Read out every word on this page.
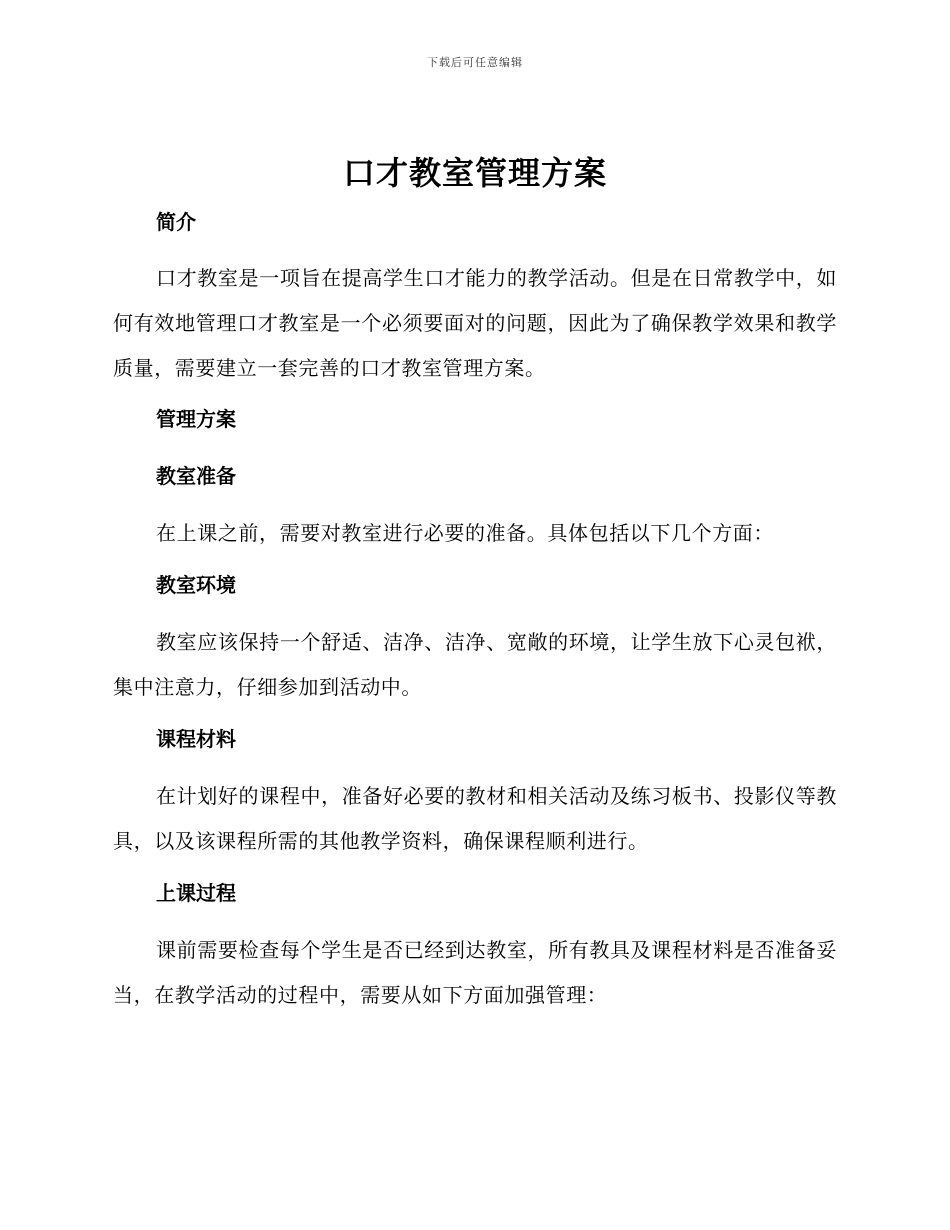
下载后可任意编辑
口才教室管理方案
简介

口才教室是一项旨在提高学生口才能力的教学活动。但是在日常教学中，如何有效地管理口才教室是一个必须要面对的问题，因此为了确保教学效果和教学质量，需要建立一套完善的口才教室管理方案。

管理方案
教室准备

在上课之前，需要对教室进行必要的准备。具体包括以下几个方面：

教室环境

教室应该保持一个舒适、洁净、洁净、宽敞的环境，让学生放下心灵包袱，集中注意力，仔细参加到活动中。

课程材料

在计划好的课程中，准备好必要的教材和相关活动及练习板书、投影仪等教具，以及该课程所需的其他教学资料，确保课程顺利进行。

上课过程

课前需要检查每个学生是否已经到达教室，所有教具及课程材料是否准备妥当，在教学活动的过程中，需要从如下方面加强管理：
